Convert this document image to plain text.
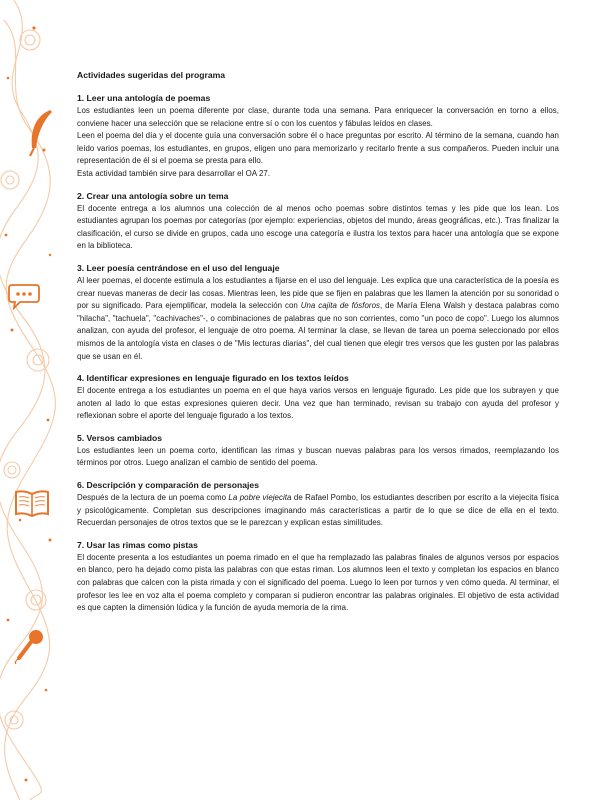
Actividades sugeridas del programa
1. Leer una antología de poemas

Los estudiantes leen un poema diferente por clase, durante toda una semana. Para enriquecer la conversación en torno a ellos, conviene hacer una selección que se relacione entre sí o con los cuentos y fábulas leídos en clases.

Leen el poema del día y el docente guía una conversación sobre él o hace preguntas por escrito. Al término de la semana, cuando han leído varios poemas, los estudiantes, en grupos, eligen uno para memorizarlo y recitarlo frente a sus compañeros. Pueden incluir una representación de él si el poema se presta para ello.

Esta actividad también sirve para desarrollar el OA 27.

2. Crear una antología sobre un tema

El docente entrega a los alumnos una colección de al menos ocho poemas sobre distintos temas y les pide que los lean. Los estudiantes agrupan los poemas por categorías (por ejemplo: experiencias, objetos del mundo, áreas geográficas, etc.). Tras finalizar la clasificación, el curso se divide en grupos, cada uno escoge una categoría e ilustra los textos para hacer una antología que se expone en la biblioteca.

3. Leer poesía centrándose en el uso del lenguaje

Al leer poemas, el docente estimula a los estudiantes a fijarse en el uso del lenguaje. Les explica que una característica de la poesía es crear nuevas maneras de decir las cosas. Mientras leen, les pide que se fijen en palabras que les llamen la atención por su sonoridad o por su significado. Para ejemplificar, modela la selección con Una cajita de fósforos, de María Elena Walsh y destaca palabras como "hilacha", "tachuela", "cachivaches"-, o combinaciones de palabras que no son corrientes, como "un poco de copo". Luego los alumnos analizan, con ayuda del profesor, el lenguaje de otro poema. Al terminar la clase, se llevan de tarea un poema seleccionado por ellos mismos de la antología vista en clases o de "Mis lecturas diarias", del cual tienen que elegir tres versos que les gusten por las palabras que se usan en él.

4. Identificar expresiones en lenguaje figurado en los textos leídos

El docente entrega a los estudiantes un poema en el que haya varios versos en lenguaje figurado. Les pide que los subrayen y que anoten al lado lo que estas expresiones quieren decir. Una vez que han terminado, revisan su trabajo con ayuda del profesor y reflexionan sobre el aporte del lenguaje figurado a los textos.

5. Versos cambiados

Los estudiantes leen un poema corto, identifican las rimas y buscan nuevas palabras para los versos rimados, reemplazando los términos por otros. Luego analizan el cambio de sentido del poema.

6. Descripción y comparación de personajes

Después de la lectura de un poema como La pobre viejecita de Rafael Pombo, los estudiantes describen por escrito a la viejecita física y psicológicamente. Completan sus descripciones imaginando más características a partir de lo que se dice de ella en el texto. Recuerdan personajes de otros textos que se le parezcan y explican estas similitudes.

7. Usar las rimas como pistas

El docente presenta a los estudiantes un poema rimado en el que ha remplazado las palabras finales de algunos versos por espacios en blanco, pero ha dejado como pista las palabras con que estas riman. Los alumnos leen el texto y completan los espacios en blanco con palabras que calcen con la pista rimada y con el significado del poema. Luego lo leen por turnos y ven cómo queda. Al terminar, el profesor les lee en voz alta el poema completo y comparan si pudieron encontrar las palabras originales. El objetivo de esta actividad es que capten la dimensión lúdica y la función de ayuda memoria de la rima.
